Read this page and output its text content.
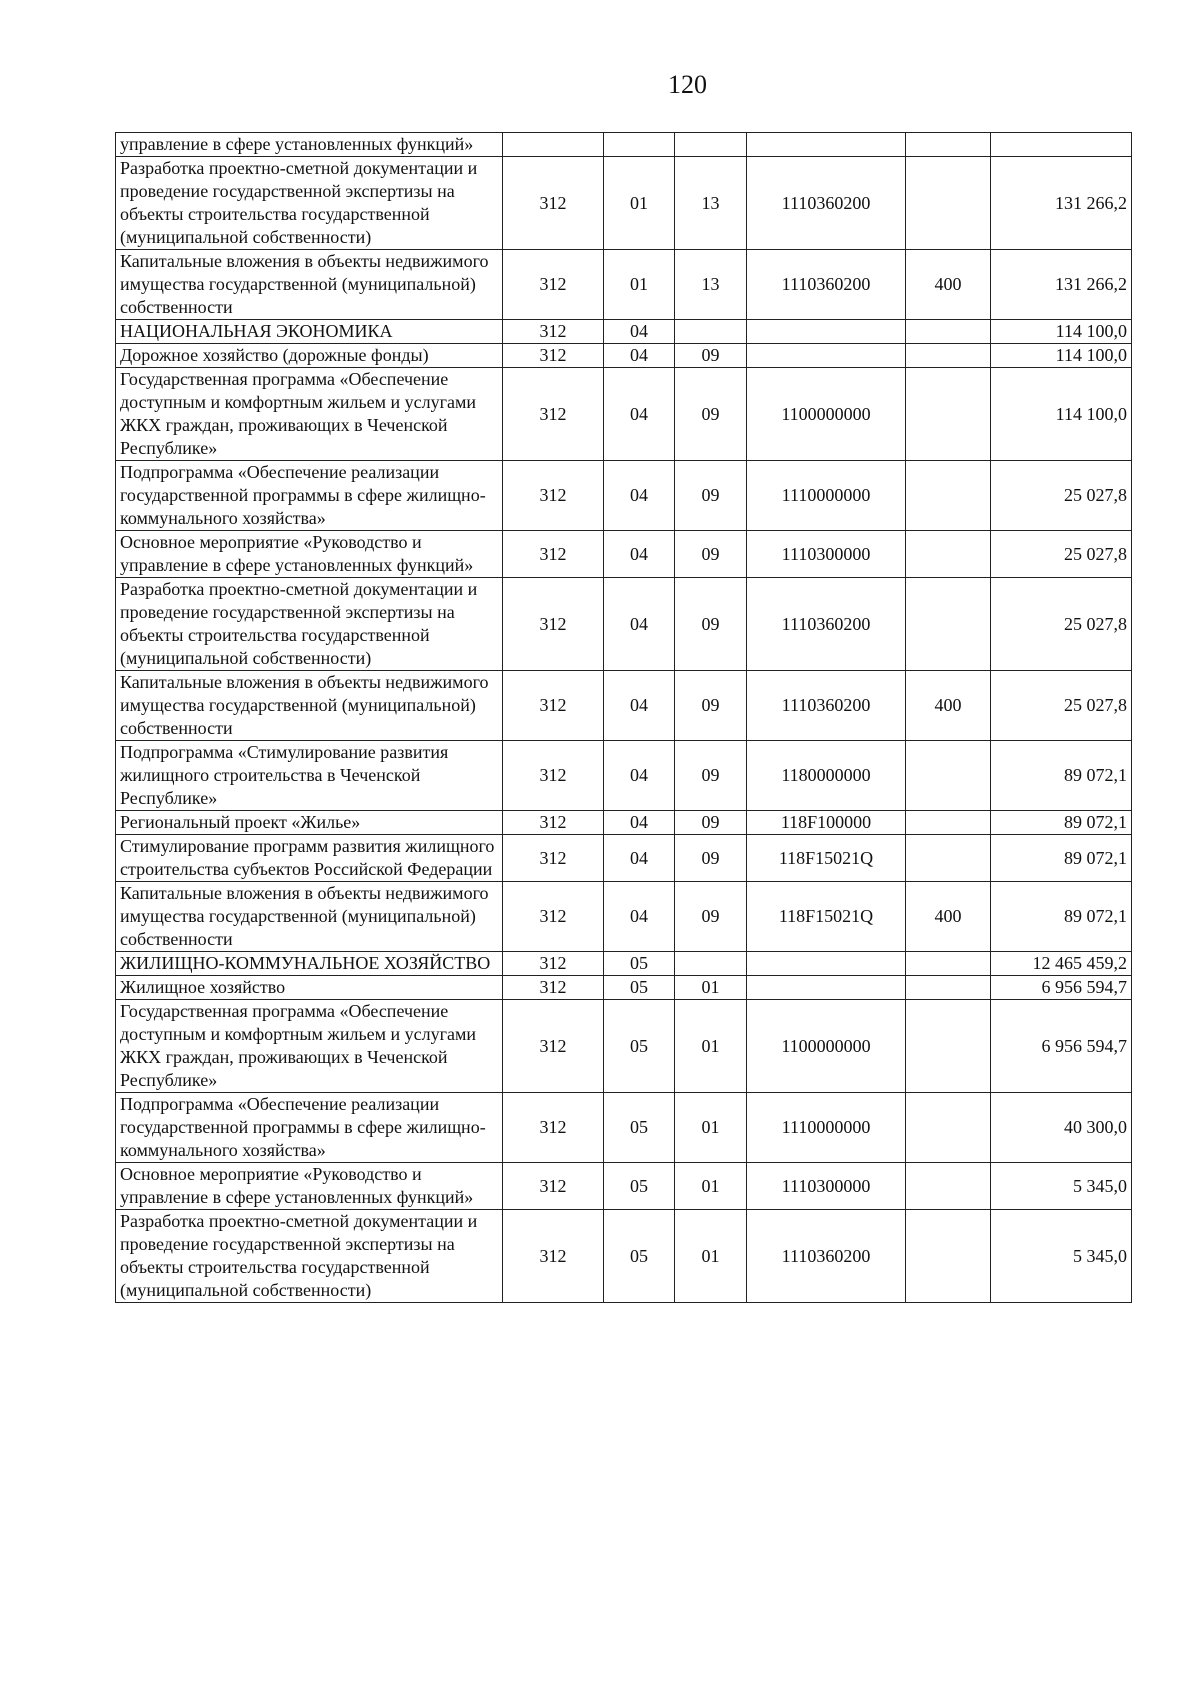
120
управление в сфере установленных функций»						
Разработка проектно-сметной документации и проведение государственной экспертизы на объекты строительства государственной (муниципальной собственности)	312	01	13	1110360200		131 266,2
Капитальные вложения в объекты недвижимого имущества государственной (муниципальной) собственности	312	01	13	1110360200	400	131 266,2
НАЦИОНАЛЬНАЯ ЭКОНОМИКА	312	04				114 100,0
Дорожное хозяйство (дорожные фонды)	312	04	09			114 100,0
Государственная программа «Обеспечение доступным и комфортным жильем и услугами ЖКХ граждан, проживающих в Чеченской Республике»	312	04	09	1100000000		114 100,0
Подпрограмма «Обеспечение реализации государственной программы в сфере жилищно-коммунального хозяйства»	312	04	09	1110000000		25 027,8
Основное мероприятие «Руководство и управление в сфере установленных функций»	312	04	09	1110300000		25 027,8
Разработка проектно-сметной документации и проведение государственной экспертизы на объекты строительства государственной (муниципальной собственности)	312	04	09	1110360200		25 027,8
Капитальные вложения в объекты недвижимого имущества государственной (муниципальной) собственности	312	04	09	1110360200	400	25 027,8
Подпрограмма «Стимулирование развития жилищного строительства в Чеченской Республике»	312	04	09	1180000000		89 072,1
Региональный проект «Жилье»	312	04	09	118F100000		89 072,1
Стимулирование программ развития жилищного строительства субъектов Российской Федерации	312	04	09	118F15021Q		89 072,1
Капитальные вложения в объекты недвижимого имущества государственной (муниципальной) собственности	312	04	09	118F15021Q	400	89 072,1
ЖИЛИЩНО-КОММУНАЛЬНОЕ ХОЗЯЙСТВО	312	05				12 465 459,2
Жилищное хозяйство	312	05	01			6 956 594,7
Государственная программа «Обеспечение доступным и комфортным жильем и услугами ЖКХ граждан, проживающих в Чеченской Республике»	312	05	01	1100000000		6 956 594,7
Подпрограмма «Обеспечение реализации государственной программы в сфере жилищно-коммунального хозяйства»	312	05	01	1110000000		40 300,0
Основное мероприятие «Руководство и управление в сфере установленных функций»	312	05	01	1110300000		5 345,0
Разработка проектно-сметной документации и проведение государственной экспертизы на объекты строительства государственной (муниципальной собственности)	312	05	01	1110360200		5 345,0
